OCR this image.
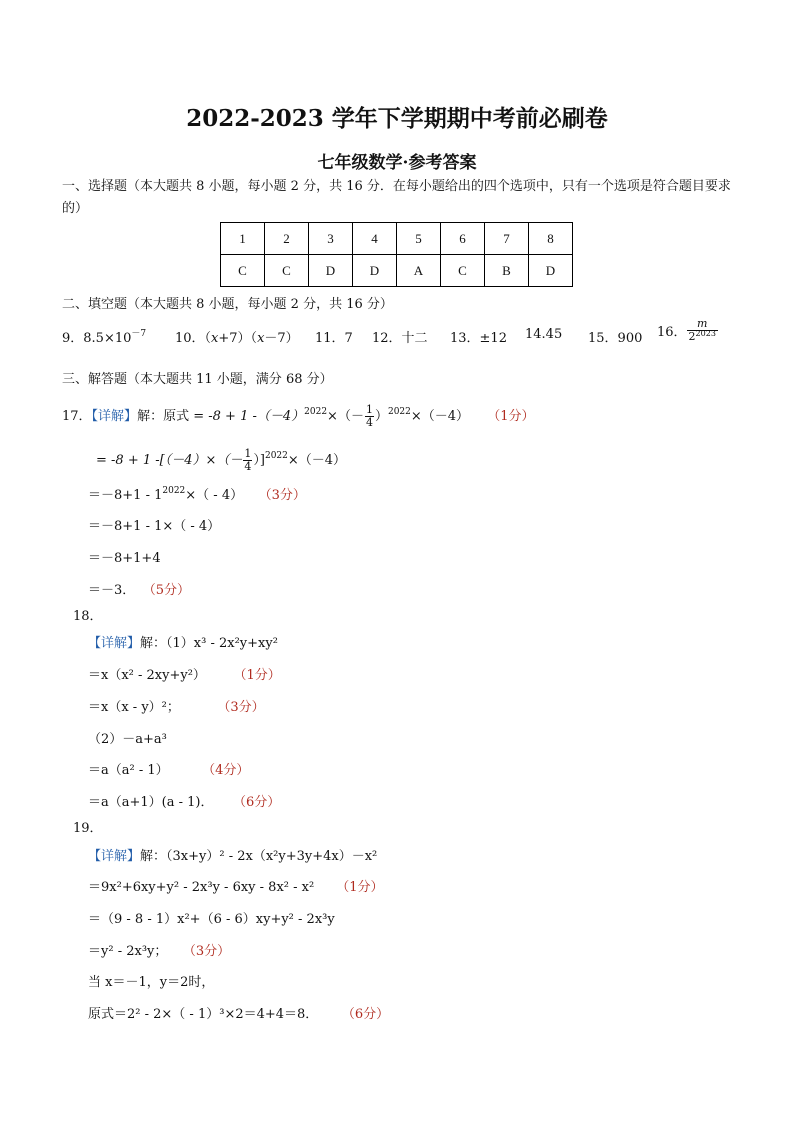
2022-2023 学年下学期期中考前必刷卷
七年级数学·参考答案
一、选择题（本大题共 8 小题，每小题 2 分，共 16 分．在每小题给出的四个选项中，只有一个选项是符合题目要求的）
1	2	3	4	5	6	7	8
C	C	D	D	A	C	B	D
二、填空题（本大题共 8 小题，每小题 2 分，共 16 分）
9．$8.5\times 10^{-7}$ 10．（x+7）（x－7） 11．7 12．十二 13．±12 14.45 15．900 16． $\frac{m}{2^{2023}}$
三、解答题（本大题共 11 小题，满分 68 分）
17．【详解】解：原式 = -8 + 1 $-(-4)^{2022}\times(- \frac{1}{4} )^{2022}\times(-4)$ （1分）
= -8 + 1 $-[(-4)\times(- \frac{1}{4} )]^{2022}\times(-4)$
$=-8+1 - 1^{2022}\times( - 4)$ （3分）
＝－8+1 - 1×（ - 4）
＝－8+1+4
＝－3． （5分）
18．
【详解】解：（1）x³ - 2x²y+xy²
＝x（x² - 2xy+y²）	（1分）
＝x（x - y）²；	（3分）
（2）－a+a³
＝a（a² - 1）	（4分）
＝a（a+1）(a - 1)． （6分）
19．
【详解】解：（3x+y）² - 2x（x²y+3y+4x）－x²
＝9x²+6xy+y² - 2x³y - 6xy - 8x² - x² （1分）
＝（9 - 8 - 1）x²+（6 - 6）xy+y² - 2x³y
＝y² - 2x³y； （3分）
当 x＝－1，y＝2时，
原式＝2² - 2×（ - 1）³×2＝4+4＝8． （6分）
